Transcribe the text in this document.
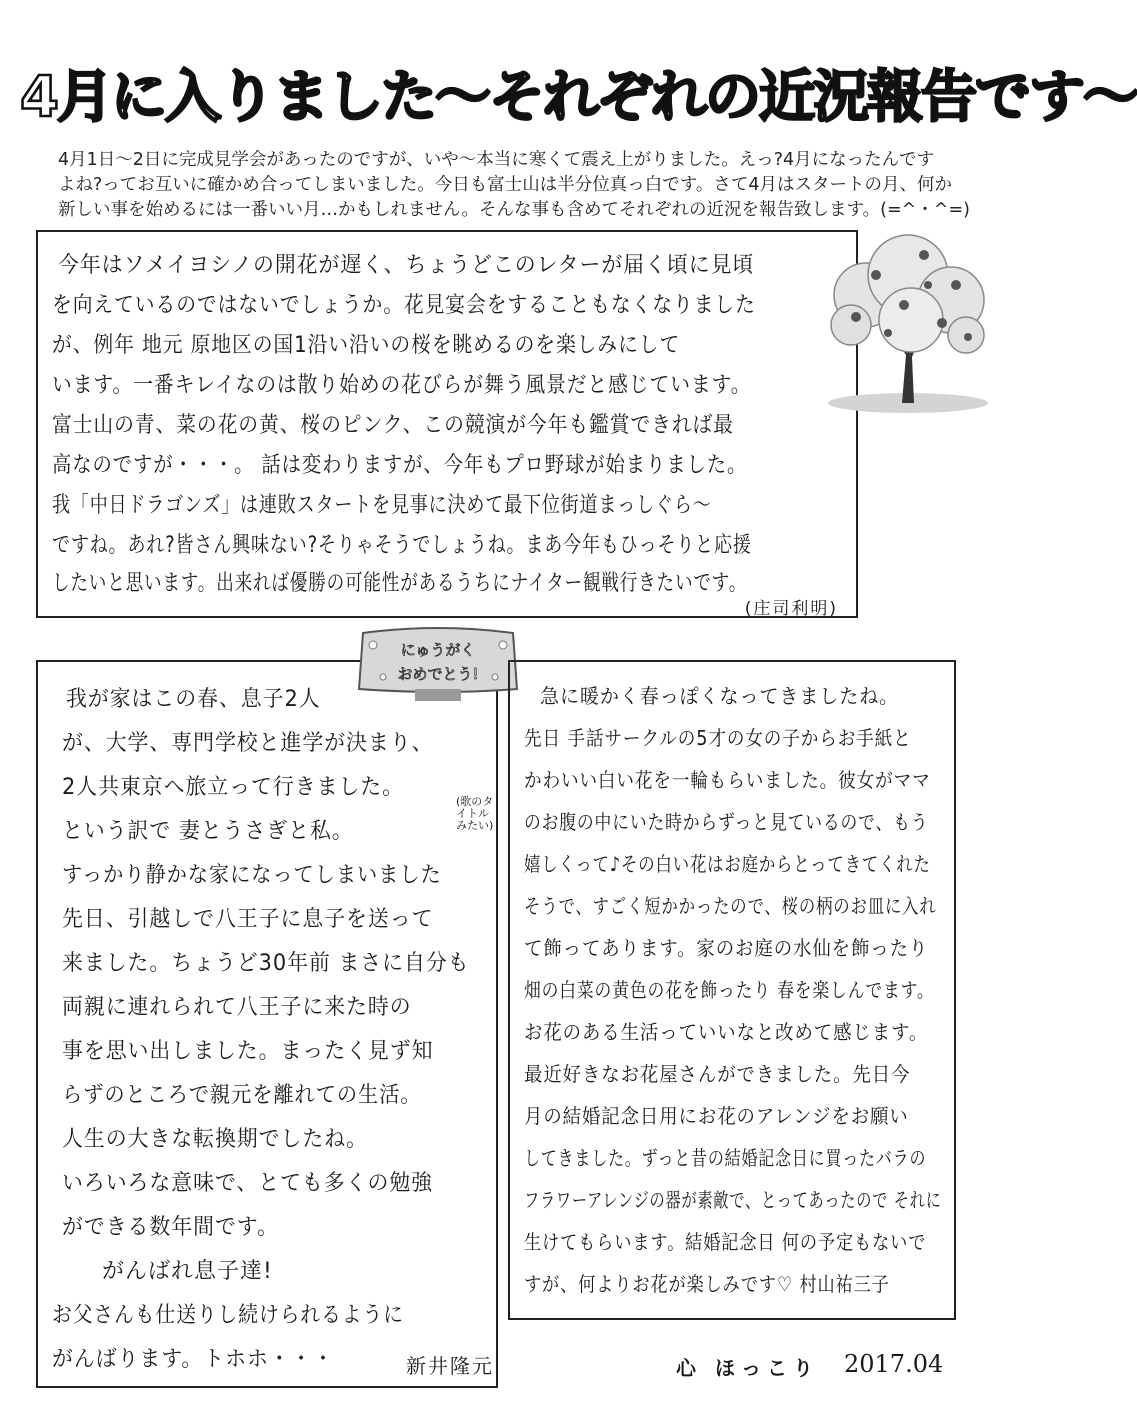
4月に入りました〜それぞれの近況報告です〜

4月1日〜2日に完成見学会があったのですが、いや〜本当に寒くて震え上がりました。えっ?4月になったんです

よね?ってお互いに確かめ合ってしまいました。今日も富士山は半分位真っ白です。さて4月はスタートの月、何か

新しい事を始めるには一番いい月…かもしれません。そんな事も含めてそれぞれの近況を報告致します。(=^・^=)

今年はソメイヨシノの開花が遅く、ちょうどこのレターが届く頃に見頃
を向えているのではないでしょうか。花見宴会をすることもなくなりました
が、例年 地元 原地区の国1沿い沿いの桜を眺めるのを楽しみにして
います。一番キレイなのは散り始めの花びらが舞う風景だと感じています。
富士山の青、菜の花の黄、桜のピンク、この競演が今年も鑑賞できれば最
高なのですが・・・。 話は変わりますが、今年もプロ野球が始まりました。
我「中日ドラゴンズ」は連敗スタートを見事に決めて最下位街道まっしぐら〜
ですね。あれ?皆さん興味ない?そりゃそうでしょうね。まあ今年もひっそりと応援
したいと思います。出来れば優勝の可能性があるうちにナイター観戦行きたいです。
(庄司利明)
我が家はこの春、息子2人
が、大学、専門学校と進学が決まり、
2人共東京へ旅立って行きました。
という訳で 妻とうさぎと私。
(歌のタイトル みたい)
すっかり静かな家になってしまいました
先日、引越しで八王子に息子を送って
来ました。ちょうど30年前 まさに自分も
両親に連れられて八王子に来た時の
事を思い出しました。まったく見ず知
らずのところで親元を離れての生活。
人生の大きな転換期でしたね。
いろいろな意味で、とても多くの勉強
ができる数年間です。
がんばれ息子達!
お父さんも仕送りし続けられるように
がんばります。トホホ・・・	新井隆元
にゅうがく
おめでとう!
急に暖かく春っぽくなってきましたね。
先日 手話サークルの5才の女の子からお手紙と
かわいい白い花を一輪もらいました。彼女がママ
のお腹の中にいた時からずっと見ているので、もう
嬉しくって♪その白い花はお庭からとってきてくれた
そうで、すごく短かかったので、桜の柄のお皿に入れ
て飾ってあります。家のお庭の水仙を飾ったり
畑の白菜の黄色の花を飾ったり 春を楽しんでます。
お花のある生活っていいなと改めて感じます。
最近好きなお花屋さんができました。先日今
月の結婚記念日用にお花のアレンジをお願い
してきました。ずっと昔の結婚記念日に買ったバラの
フラワーアレンジの器が素敵で、とってあったので それに
生けてもらいます。結婚記念日 何の予定もないで
すが、何よりお花が楽しみです♡ 村山祐三子
心 ほっこり 2017.04
